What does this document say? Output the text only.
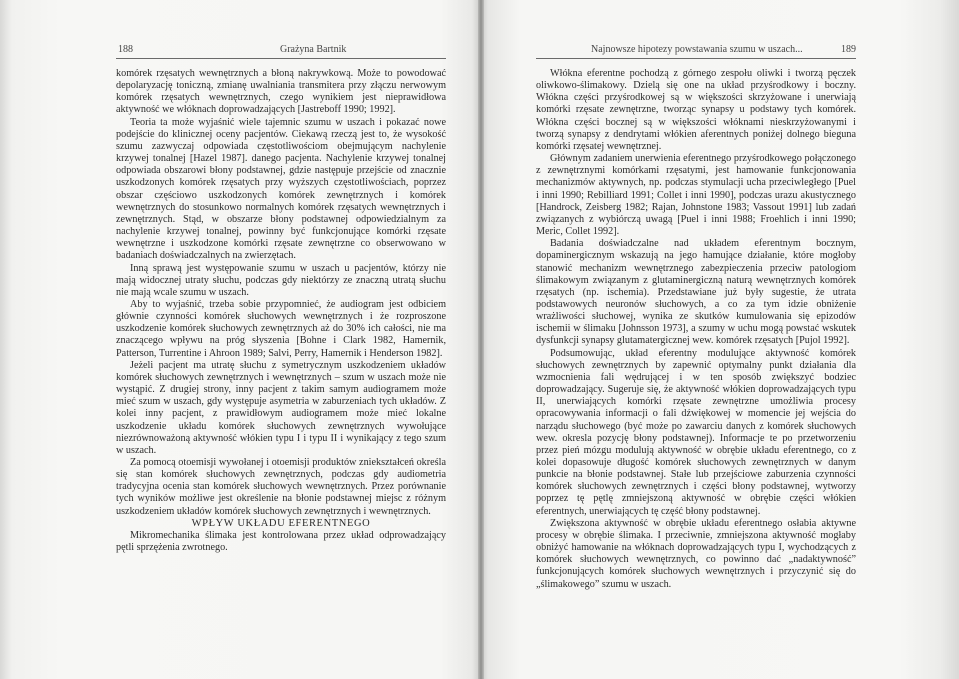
188	Grażyna Bartnik

komórek rzęsatych wewnętrznych a błoną nakrywkową. Może to powodować depolaryzację toniczną, zmianę uwalniania transmitera przy złączu nerwowym komórek rzęsatych wewnętrznych, czego wynikiem jest nieprawidłowa aktywność we włóknach doprowadzających [Jastreboff 1990; 1992].

Teoria ta może wyjaśnić wiele tajemnic szumu w uszach i pokazać nowe podejście do klinicznej oceny pacjentów. Ciekawą rzeczą jest to, że wysokość szumu zazwyczaj odpowiada częstotliwościom obejmującym nachylenie krzywej tonalnej [Hazel 1987]. danego pacjenta. Nachylenie krzywej tonalnej odpowiada obszarowi błony podstawnej, gdzie następuje przejście od znacznie uszkodzonych komórek rzęsatych przy wyższych częstotliwościach, poprzez obszar częściowo uszkodzonych komórek zewnętrznych i komórek wewnętrznych do stosunkowo normalnych komórek rzęsatych wewnętrznych i zewnętrznych. Stąd, w obszarze błony podstawnej odpowiedzialnym za nachylenie krzywej tonalnej, powinny być funkcjonujące komórki rzęsate wewnętrzne i uszkodzone komórki rzęsate zewnętrzne co obserwowano w badaniach doświadczalnych na zwierzętach.

Inną sprawą jest występowanie szumu w uszach u pacjentów, którzy nie mają widocznej utraty słuchu, podczas gdy niektórzy ze znaczną utratą słuchu nie mają wcale szumu w uszach.

Aby to wyjaśnić, trzeba sobie przypomnieć, że audiogram jest odbiciem głównie czynności komórek słuchowych wewnętrznych i że rozproszone uszkodzenie komórek słuchowych zewnętrznych aż do 30% ich całości, nie ma znaczącego wpływu na próg słyszenia [Bohne i Clark 1982, Hamernik, Patterson, Turrentine i Ahroon 1989; Salvi, Perry, Hamernik i Henderson 1982].

Jeżeli pacjent ma utratę słuchu z symetrycznym uszkodzeniem układów komórek słuchowych zewnętrznych i wewnętrznych – szum w uszach może nie wystąpić. Z drugiej strony, inny pacjent z takim samym audiogramem może mieć szum w uszach, gdy występuje asymetria w zaburzeniach tych układów. Z kolei inny pacjent, z prawidłowym audiogramem może mieć lokalne uszkodzenie układu komórek słuchowych zewnętrznych wywołujące niezrównoważoną aktywność włókien typu I i typu II i wynikający z tego szum w uszach.

Za pomocą otoemisji wywołanej i otoemisji produktów zniekształceń określa się stan komórek słuchowych zewnętrznych, podczas gdy audiometria tradycyjna ocenia stan komórek słuchowych wewnętrznych. Przez porównanie tych wyników możliwe jest określenie na błonie podstawnej miejsc z różnym uszkodzeniem układów komórek słuchowych zewnętrznych i wewnętrznych.

WPŁYW UKŁADU EFERENTNEGO

Mikromechanika ślimaka jest kontrolowana przez układ odprowadzający pętli sprzężenia zwrotnego.

Najnowsze hipotezy powstawania szumu w uszach...	189

Włókna eferentne pochodzą z górnego zespołu oliwki i tworzą pęczek oliwkowo-ślimakowy. Dzielą się one na układ przyśrodkowy i boczny. Włókna części przyśrodkowej są w większości skrzyżowane i unerwiają komórki rzęsate zewnętrzne, tworząc synapsy u podstawy tych komórek. Włókna części bocznej są w większości włóknami nieskrzyżowanymi i tworzą synapsy z dendrytami włókien aferentnych poniżej dolnego bieguna komórki rzęsatej wewnętrznej.

Głównym zadaniem unerwienia eferentnego przyśrodkowego połączonego z zewnętrznymi komórkami rzęsatymi, jest hamowanie funkcjonowania mechanizmów aktywnych, np. podczas stymulacji ucha przeciwległego [Puel i inni 1990; Rebilliard 1991; Collet i inni 1990], podczas urazu akustycznego [Handrock, Zeisberg 1982; Rajan, Johnstone 1983; Vassout 1991] lub zadań związanych z wybiórczą uwagą [Puel i inni 1988; Froehlich i inni 1990; Meric, Collet 1992].

Badania doświadczalne nad układem eferentnym bocznym, dopaminergicznym wskazują na jego hamujące działanie, które mogłoby stanowić mechanizm wewnętrznego zabezpieczenia przeciw patologiom ślimakowym związanym z glutaminergiczną naturą wewnętrznych komórek rzęsatych (np. ischemia). Przedstawiane już były sugestie, że utrata podstawowych neuronów słuchowych, a co za tym idzie obniżenie wrażliwości słuchowej, wynika ze skutków kumulowania się epizodów ischemii w ślimaku [Johnsson 1973], a szumy w uchu mogą powstać wskutek dysfunkcji synapsy glutamatergicznej wew. komórek rzęsatych [Pujol 1992].

Podsumowując, układ eferentny modulujące aktywność komórek słuchowych zewnętrznych by zapewnić optymalny punkt działania dla wzmocnienia fali wędrującej i w ten sposób zwiększyć bodziec doprowadzający. Sugeruje się, że aktywność włókien doprowadzających typu II, unerwiających komórki rzęsate zewnętrzne umożliwia procesy opracowywania informacji o fali dźwiękowej w momencie jej wejścia do narządu słuchowego (być może po zawarciu danych z komórek słuchowych wew. okresla pozycję błony podstawnej). Informacje te po przetworzeniu przez pień mózgu modulują aktywność w obrębie układu eferentnego, co z kolei dopasowuje długość komórek słuchowych zewnętrznych w danym punkcie na błonie podstawnej. Stałe lub przejściowe zaburzenia czynności komórek słuchowych zewnętrznych i części błony podstawnej, wytworzy poprzez tę pętlę zmniejszoną aktywność w obrębie części włókien eferentnych, unerwiających tę część błony podstawnej.

Zwiększona aktywność w obrębie układu eferentnego osłabia aktywne procesy w obrębie ślimaka. I przeciwnie, zmniejszona aktywność mogłaby obniżyć hamowanie na włóknach doprowadzających typu I, wychodzących z komórek słuchowych wewnętrznych, co powinno dać „nadaktywność” funkcjonujących komórek słuchowych wewnętrznych i przyczynić się do „ślimakowego” szumu w uszach.
